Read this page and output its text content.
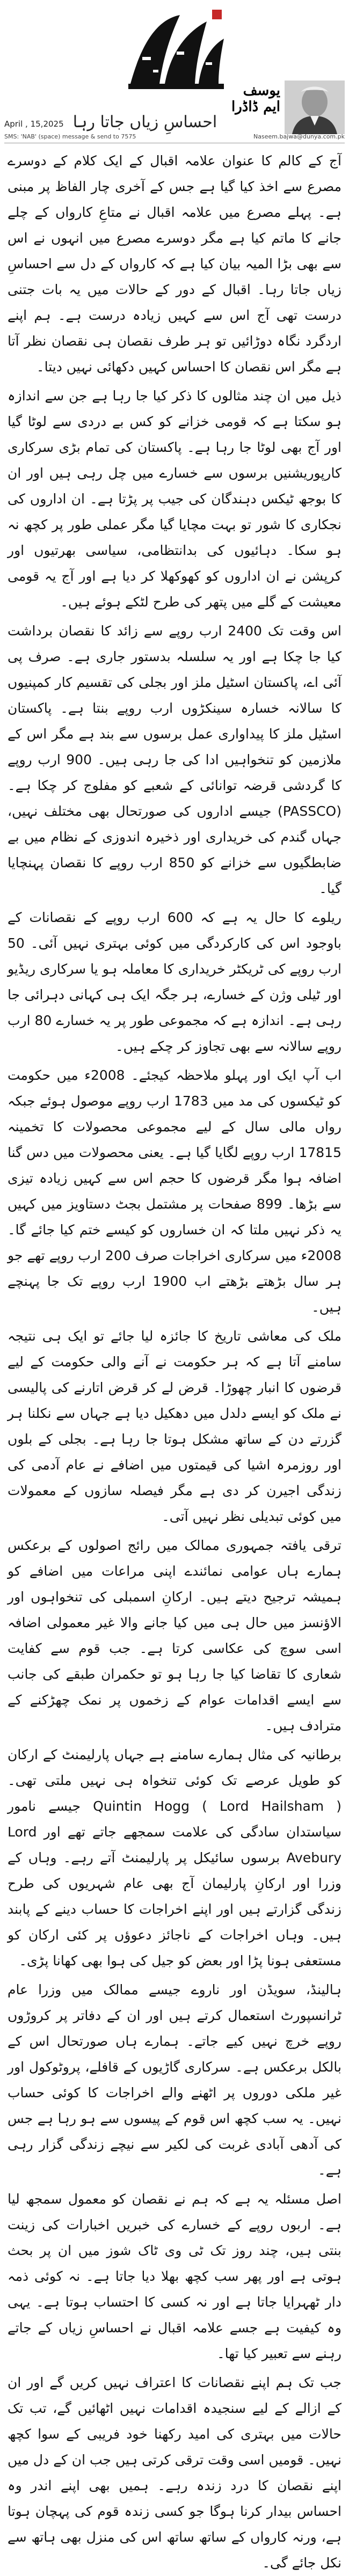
یوسف ایم ڈاڈرا
احساسِ زیاں جاتا رہا
April , 15,2025
SMS: 'NAB' (space) message & send to 7575	Naseem.bajwa@dunya.com.pk

آج کے کالم کا عنوان علامہ اقبال کے ایک کلام کے دوسرے مصرع سے اخذ کیا گیا ہے جس کے آخری چار الفاظ پر مبنی ہے۔ پہلے مصرع میں علامہ اقبال نے متاعِ کارواں کے چلے جانے کا ماتم کیا ہے مگر دوسرے مصرع میں انہوں نے اس سے بھی بڑا المیہ بیان کیا ہے کہ کارواں کے دل سے احساسِ زیاں جاتا رہا۔ اقبال کے دور کے حالات میں یہ بات جتنی درست تھی آج اس سے کہیں زیادہ درست ہے۔ ہم اپنے اردگرد نگاہ دوڑائیں تو ہر طرف نقصان ہی نقصان نظر آتا ہے مگر اس نقصان کا احساس کہیں دکھائی نہیں دیتا۔

ذیل میں ان چند مثالوں کا ذکر کیا جا رہا ہے جن سے اندازہ ہو سکتا ہے کہ قومی خزانے کو کس بے دردی سے لوٹا گیا اور آج بھی لوٹا جا رہا ہے۔ پاکستان کی تمام بڑی سرکاری کارپوریشنیں برسوں سے خسارے میں چل رہی ہیں اور ان کا بوجھ ٹیکس دہندگان کی جیب پر پڑتا ہے۔ ان اداروں کی نجکاری کا شور تو بہت مچایا گیا مگر عملی طور پر کچھ نہ ہو سکا۔ دہائیوں کی بدانتظامی، سیاسی بھرتیوں اور کرپشن نے ان اداروں کو کھوکھلا کر دیا ہے اور آج یہ قومی معیشت کے گلے میں پتھر کی طرح لٹکے ہوئے ہیں۔

اس وقت تک 2400 ارب روپے سے زائد کا نقصان برداشت کیا جا چکا ہے اور یہ سلسلہ بدستور جاری ہے۔ صرف پی آئی اے، پاکستان اسٹیل ملز اور بجلی کی تقسیم کار کمپنیوں کا سالانہ خسارہ سینکڑوں ارب روپے بنتا ہے۔ پاکستان اسٹیل ملز کا پیداواری عمل برسوں سے بند ہے مگر اس کے ملازمین کو تنخواہیں ادا کی جا رہی ہیں۔ 900 ارب روپے کا گردشی قرضہ توانائی کے شعبے کو مفلوج کر چکا ہے۔ (PASSCO) جیسے اداروں کی صورتحال بھی مختلف نہیں، جہاں گندم کی خریداری اور ذخیرہ اندوزی کے نظام میں بے ضابطگیوں سے خزانے کو 850 ارب روپے کا نقصان پہنچایا گیا۔

ریلوے کا حال یہ ہے کہ 600 ارب روپے کے نقصانات کے باوجود اس کی کارکردگی میں کوئی بہتری نہیں آئی۔ 50 ارب روپے کی ٹریکٹر خریداری کا معاملہ ہو یا سرکاری ریڈیو اور ٹیلی وژن کے خسارے، ہر جگہ ایک ہی کہانی دہرائی جا رہی ہے۔ اندازہ ہے کہ مجموعی طور پر یہ خسارے 80 ارب روپے سالانہ سے بھی تجاوز کر چکے ہیں۔

اب آپ ایک اور پہلو ملاحظہ کیجئے۔ 2008ء میں حکومت کو ٹیکسوں کی مد میں 1783 ارب روپے موصول ہوئے جبکہ رواں مالی سال کے لیے مجموعی محصولات کا تخمینہ 17815 ارب روپے لگایا گیا ہے۔ یعنی محصولات میں دس گنا اضافہ ہوا مگر قرضوں کا حجم اس سے کہیں زیادہ تیزی سے بڑھا۔ 899 صفحات پر مشتمل بجٹ دستاویز میں کہیں یہ ذکر نہیں ملتا کہ ان خساروں کو کیسے ختم کیا جائے گا۔ 2008ء میں سرکاری اخراجات صرف 200 ارب روپے تھے جو ہر سال بڑھتے بڑھتے اب 1900 ارب روپے تک جا پہنچے ہیں۔

ملک کی معاشی تاریخ کا جائزہ لیا جائے تو ایک ہی نتیجہ سامنے آتا ہے کہ ہر حکومت نے آنے والی حکومت کے لیے قرضوں کا انبار چھوڑا۔ قرض لے کر قرض اتارنے کی پالیسی نے ملک کو ایسے دلدل میں دھکیل دیا ہے جہاں سے نکلنا ہر گزرتے دن کے ساتھ مشکل ہوتا جا رہا ہے۔ بجلی کے بلوں اور روزمرہ اشیا کی قیمتوں میں اضافے نے عام آدمی کی زندگی اجیرن کر دی ہے مگر فیصلہ سازوں کے معمولات میں کوئی تبدیلی نظر نہیں آتی۔

ترقی یافتہ جمہوری ممالک میں رائج اصولوں کے برعکس ہمارے ہاں عوامی نمائندے اپنی مراعات میں اضافے کو ہمیشہ ترجیح دیتے ہیں۔ ارکانِ اسمبلی کی تنخواہوں اور الاؤنسز میں حال ہی میں کیا جانے والا غیر معمولی اضافہ اسی سوچ کی عکاسی کرتا ہے۔ جب قوم سے کفایت شعاری کا تقاضا کیا جا رہا ہو تو حکمران طبقے کی جانب سے ایسے اقدامات عوام کے زخموں پر نمک چھڑکنے کے مترادف ہیں۔

برطانیہ کی مثال ہمارے سامنے ہے جہاں پارلیمنٹ کے ارکان کو طویل عرصے تک کوئی تنخواہ ہی نہیں ملتی تھی۔ Quintin Hogg ( Lord Hailsham ) جیسے نامور سیاستدان سادگی کی علامت سمجھے جاتے تھے اور Lord Avebury برسوں سائیکل پر پارلیمنٹ آتے رہے۔ وہاں کے وزرا اور ارکانِ پارلیمان آج بھی عام شہریوں کی طرح زندگی گزارتے ہیں اور اپنے اخراجات کا حساب دینے کے پابند ہیں۔ وہاں اخراجات کے ناجائز دعوؤں پر کئی ارکان کو مستعفی ہونا پڑا اور بعض کو جیل کی ہوا بھی کھانا پڑی۔

ہالینڈ، سویڈن اور ناروے جیسے ممالک میں وزرا عام ٹرانسپورٹ استعمال کرتے ہیں اور ان کے دفاتر پر کروڑوں روپے خرچ نہیں کیے جاتے۔ ہمارے ہاں صورتحال اس کے بالکل برعکس ہے۔ سرکاری گاڑیوں کے قافلے، پروٹوکول اور غیر ملکی دوروں پر اٹھنے والے اخراجات کا کوئی حساب نہیں۔ یہ سب کچھ اس قوم کے پیسوں سے ہو رہا ہے جس کی آدھی آبادی غربت کی لکیر سے نیچے زندگی گزار رہی ہے۔

اصل مسئلہ یہ ہے کہ ہم نے نقصان کو معمول سمجھ لیا ہے۔ اربوں روپے کے خسارے کی خبریں اخبارات کی زینت بنتی ہیں، چند روز تک ٹی وی ٹاک شوز میں ان پر بحث ہوتی ہے اور پھر سب کچھ بھلا دیا جاتا ہے۔ نہ کوئی ذمہ دار ٹھہرایا جاتا ہے اور نہ کسی کا احتساب ہوتا ہے۔ یہی وہ کیفیت ہے جسے علامہ اقبال نے احساسِ زیاں کے جاتے رہنے سے تعبیر کیا تھا۔

جب تک ہم اپنے نقصانات کا اعتراف نہیں کریں گے اور ان کے ازالے کے لیے سنجیدہ اقدامات نہیں اٹھائیں گے، تب تک حالات میں بہتری کی امید رکھنا خود فریبی کے سوا کچھ نہیں۔ قومیں اسی وقت ترقی کرتی ہیں جب ان کے دل میں اپنے نقصان کا درد زندہ رہے۔ ہمیں بھی اپنے اندر وہ احساس بیدار کرنا ہوگا جو کسی زندہ قوم کی پہچان ہوتا ہے، ورنہ کارواں کے ساتھ ساتھ اس کی منزل بھی ہاتھ سے نکل جائے گی۔
